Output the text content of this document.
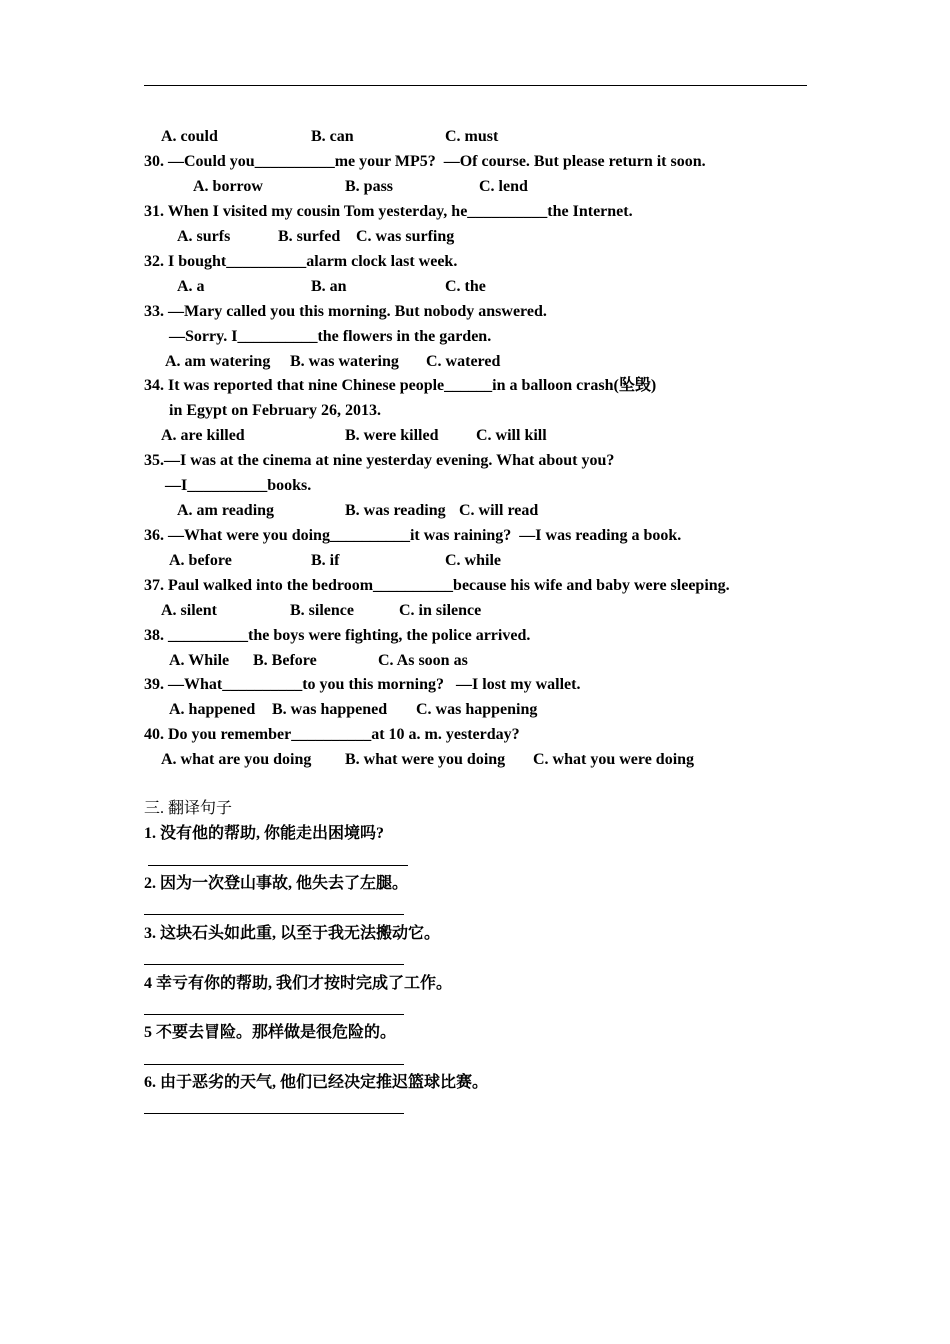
A. could	B. can	C. must
30. —Could you__________me your MP5?  —Of course. But please return it soon.
A. borrow	B. pass	C. lend
31. When I visited my cousin Tom yesterday, he__________the Internet.
A. surfs	B. surfed C. was surfing
32. I bought__________alarm clock last week.
A. a	B. an	C. the
33. —Mary called you this morning. But nobody answered.
—Sorry. I__________the flowers in the garden.
A. am watering B. was watering C. watered
34. It was reported that nine Chinese people______in a balloon crash(坠毁)
in Egypt on February 26, 2013.
A. are killed	B. were killed C. will kill
35.—I was at the cinema at nine yesterday evening. What about you?
—I__________books.
A. am reading	B. was reading C. will read
36. —What were you doing__________it was raining?  —I was reading a book.
A. before	B. if	C. while
37. Paul walked into the bedroom__________because his wife and baby were sleeping.
A. silent	B. silence	C. in silence
38. __________the boys were fighting, the police arrived.
A. While B. Before	C. As soon as
39. —What__________to you this morning?   —I lost my wallet.
A. happened B. was happened C. was happening
40. Do you remember__________at 10 a. m. yesterday?
A. what are you doing B. what were you doing C. what you were doing
三. 翻译句子
1. 没有他的帮助, 你能走出困境吗?
2. 因为一次登山事故, 他失去了左腿。
3. 这块石头如此重, 以至于我无法搬动它。
4 幸亏有你的帮助, 我们才按时完成了工作。
5 不要去冒险。那样做是很危险的。
6. 由于恶劣的天气, 他们已经决定推迟篮球比赛。
